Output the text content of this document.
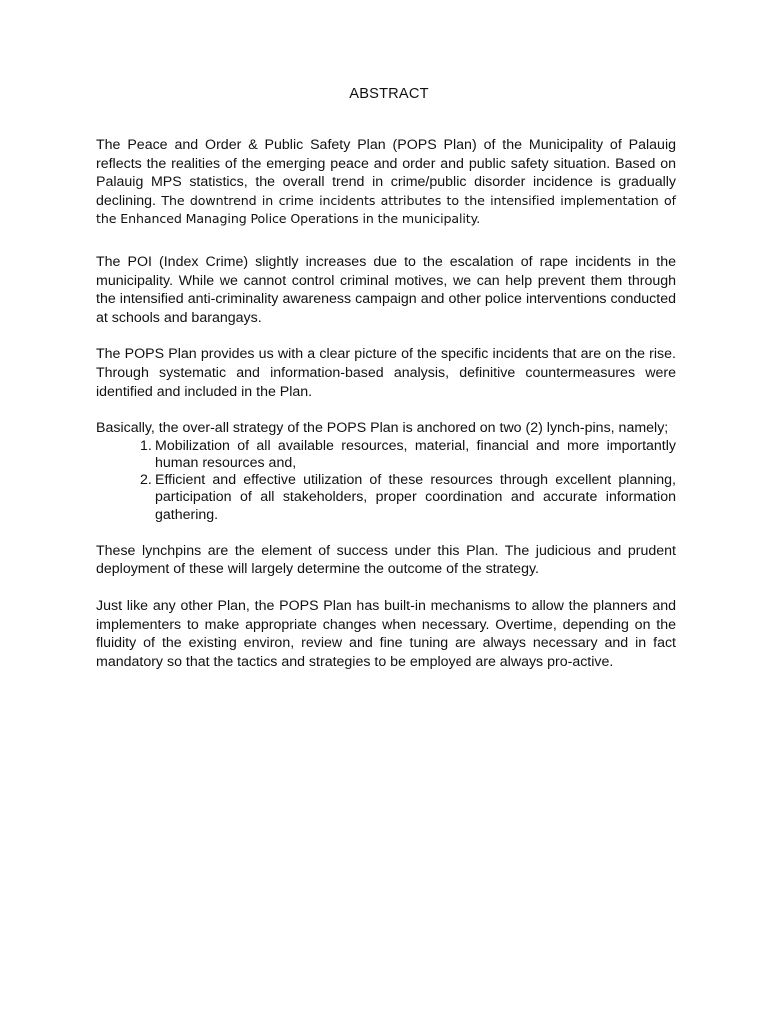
ABSTRACT

The Peace and Order & Public Safety Plan (POPS Plan) of the Municipality of Palauig reflects the realities of the emerging peace and order and public safety situation. Based on Palauig MPS statistics, the overall trend in crime/public disorder incidence is gradually declining. The downtrend in crime incidents attributes to the intensified implementation of the Enhanced Managing Police Operations in the municipality.

The POI (Index Crime) slightly increases due to the escalation of rape incidents in the municipality. While we cannot control criminal motives, we can help prevent them through the intensified anti-criminality awareness campaign and other police interventions conducted at schools and barangays.

The POPS Plan provides us with a clear picture of the specific incidents that are on the rise. Through systematic and information-based analysis, definitive countermeasures were identified and included in the Plan.

Basically, the over-all strategy of the POPS Plan is anchored on two (2) lynch-pins, namely;
1. Mobilization of all available resources, material, financial and more importantly human resources and,
2. Efficient and effective utilization of these resources through excellent planning, participation of all stakeholders, proper coordination and accurate information gathering.

These lynchpins are the element of success under this Plan. The judicious and prudent deployment of these will largely determine the outcome of the strategy.

Just like any other Plan, the POPS Plan has built-in mechanisms to allow the planners and implementers to make appropriate changes when necessary. Overtime, depending on the fluidity of the existing environ, review and fine tuning are always necessary and in fact mandatory so that the tactics and strategies to be employed are always pro-active.
